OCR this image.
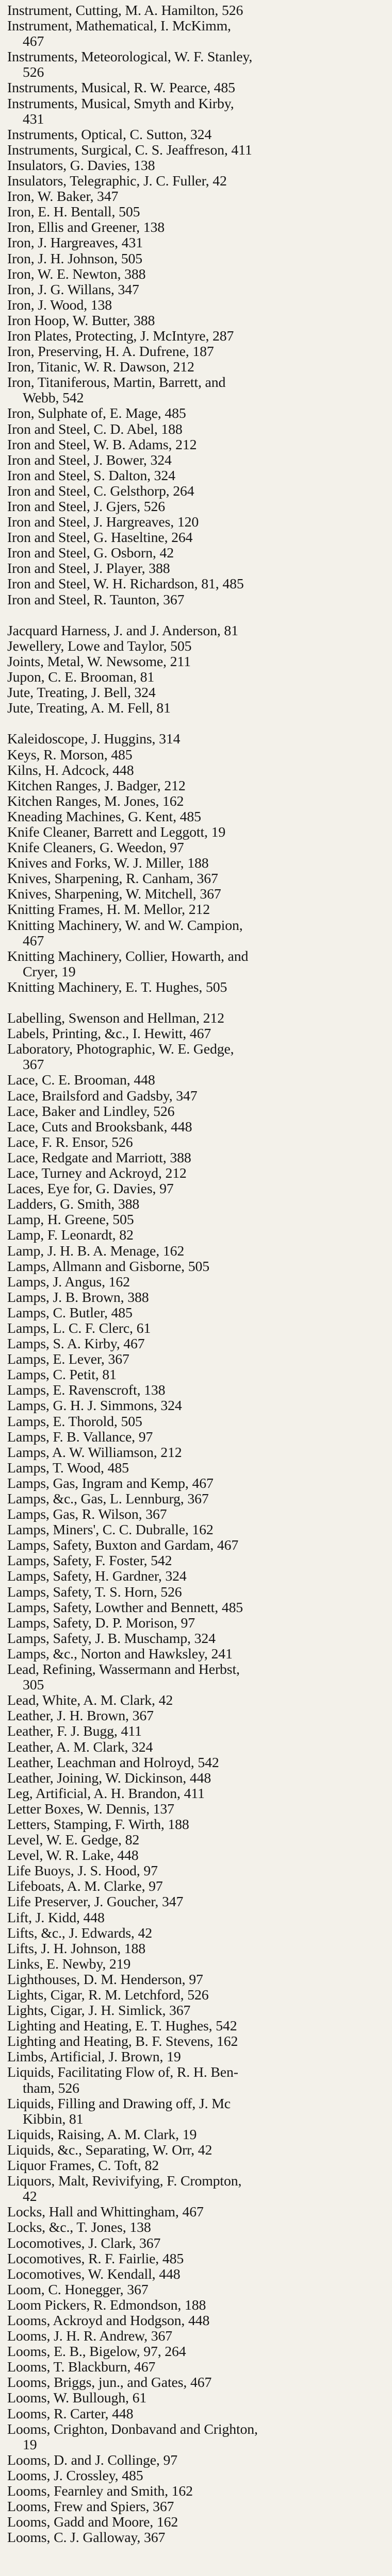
Instrument, Cutting, M. A. Hamilton, 526
Instrument, Mathematical, I. McKimm,
467
Instruments, Meteorological, W. F. Stanley,
526
Instruments, Musical, R. W. Pearce, 485
Instruments, Musical, Smyth and Kirby,
431
Instruments, Optical, C. Sutton, 324
Instruments, Surgical, C. S. Jeaffreson, 411
Insulators, G. Davies, 138
Insulators, Telegraphic, J. C. Fuller, 42
Iron, W. Baker, 347
Iron, E. H. Bentall, 505
Iron, Ellis and Greener, 138
Iron, J. Hargreaves, 431
Iron, J. H. Johnson, 505
Iron, W. E. Newton, 388
Iron, J. G. Willans, 347
Iron, J. Wood, 138
Iron Hoop, W. Butter, 388
Iron Plates, Protecting, J. McIntyre, 287
Iron, Preserving, H. A. Dufrene, 187
Iron, Titanic, W. R. Dawson, 212
Iron, Titaniferous, Martin, Barrett, and
Webb, 542
Iron, Sulphate of, E. Mage, 485
Iron and Steel, C. D. Abel, 188
Iron and Steel, W. B. Adams, 212
Iron and Steel, J. Bower, 324
Iron and Steel, S. Dalton, 324
Iron and Steel, C. Gelsthorp, 264
Iron and Steel, J. Gjers, 526
Iron and Steel, J. Hargreaves, 120
Iron and Steel, G. Haseltine, 264
Iron and Steel, G. Osborn, 42
Iron and Steel, J. Player, 388
Iron and Steel, W. H. Richardson, 81, 485
Iron and Steel, R. Taunton, 367
Jacquard Harness, J. and J. Anderson, 81
Jewellery, Lowe and Taylor, 505
Joints, Metal, W. Newsome, 211
Jupon, C. E. Brooman, 81
Jute, Treating, J. Bell, 324
Jute, Treating, A. M. Fell, 81
Kaleidoscope, J. Huggins, 314
Keys, R. Morson, 485
Kilns, H. Adcock, 448
Kitchen Ranges, J. Badger, 212
Kitchen Ranges, M. Jones, 162
Kneading Machines, G. Kent, 485
Knife Cleaner, Barrett and Leggott, 19
Knife Cleaners, G. Weedon, 97
Knives and Forks, W. J. Miller, 188
Knives, Sharpening, R. Canham, 367
Knives, Sharpening, W. Mitchell, 367
Knitting Frames, H. M. Mellor, 212
Knitting Machinery, W. and W. Campion,
467
Knitting Machinery, Collier, Howarth, and
Cryer, 19
Knitting Machinery, E. T. Hughes, 505
Labelling, Swenson and Hellman, 212
Labels, Printing, &c., I. Hewitt, 467
Laboratory, Photographic, W. E. Gedge,
367
Lace, C. E. Brooman, 448
Lace, Brailsford and Gadsby, 347
Lace, Baker and Lindley, 526
Lace, Cuts and Brooksbank, 448
Lace, F. R. Ensor, 526
Lace, Redgate and Marriott, 388
Lace, Turney and Ackroyd, 212
Laces, Eye for, G. Davies, 97
Ladders, G. Smith, 388
Lamp, H. Greene, 505
Lamp, F. Leonardt, 82
Lamp, J. H. B. A. Menage, 162
Lamps, Allmann and Gisborne, 505
Lamps, J. Angus, 162
Lamps, J. B. Brown, 388
Lamps, C. Butler, 485
Lamps, L. C. F. Clerc, 61
Lamps, S. A. Kirby, 467
Lamps, E. Lever, 367
Lamps, C. Petit, 81
Lamps, E. Ravenscroft, 138
Lamps, G. H. J. Simmons, 324
Lamps, E. Thorold, 505
Lamps, F. B. Vallance, 97
Lamps, A. W. Williamson, 212
Lamps, T. Wood, 485
Lamps, Gas, Ingram and Kemp, 467
Lamps, &c., Gas, L. Lennburg, 367
Lamps, Gas, R. Wilson, 367
Lamps, Miners', C. C. Dubralle, 162
Lamps, Safety, Buxton and Gardam, 467
Lamps, Safety, F. Foster, 542
Lamps, Safety, H. Gardner, 324
Lamps, Safety, T. S. Horn, 526
Lamps, Safety, Lowther and Bennett, 485
Lamps, Safety, D. P. Morison, 97
Lamps, Safety, J. B. Muschamp, 324
Lamps, &c., Norton and Hawksley, 241
Lead, Refining, Wassermann and Herbst,
305
Lead, White, A. M. Clark, 42
Leather, J. H. Brown, 367
Leather, F. J. Bugg, 411
Leather, A. M. Clark, 324
Leather, Leachman and Holroyd, 542
Leather, Joining, W. Dickinson, 448
Leg, Artificial, A. H. Brandon, 411
Letter Boxes, W. Dennis, 137
Letters, Stamping, F. Wirth, 188
Level, W. E. Gedge, 82
Level, W. R. Lake, 448
Life Buoys, J. S. Hood, 97
Lifeboats, A. M. Clarke, 97
Life Preserver, J. Goucher, 347
Lift, J. Kidd, 448
Lifts, &c., J. Edwards, 42
Lifts, J. H. Johnson, 188
Links, E. Newby, 219
Lighthouses, D. M. Henderson, 97
Lights, Cigar, R. M. Letchford, 526
Lights, Cigar, J. H. Simlick, 367
Lighting and Heating, E. T. Hughes, 542
Lighting and Heating, B. F. Stevens, 162
Limbs, Artificial, J. Brown, 19
Liquids, Facilitating Flow of, R. H. Ben-
tham, 526
Liquids, Filling and Drawing off, J. Mc
Kibbin, 81
Liquids, Raising, A. M. Clark, 19
Liquids, &c., Separating, W. Orr, 42
Liquor Frames, C. Toft, 82
Liquors, Malt, Revivifying, F. Crompton,
42
Locks, Hall and Whittingham, 467
Locks, &c., T. Jones, 138
Locomotives, J. Clark, 367
Locomotives, R. F. Fairlie, 485
Locomotives, W. Kendall, 448
Loom, C. Honegger, 367
Loom Pickers, R. Edmondson, 188
Looms, Ackroyd and Hodgson, 448
Looms, J. H. R. Andrew, 367
Looms, E. B., Bigelow, 97, 264
Looms, T. Blackburn, 467
Looms, Briggs, jun., and Gates, 467
Looms, W. Bullough, 61
Looms, R. Carter, 448
Looms, Crighton, Donbavand and Crighton,
19
Looms, D. and J. Collinge, 97
Looms, J. Crossley, 485
Looms, Fearnley and Smith, 162
Looms, Frew and Spiers, 367
Looms, Gadd and Moore, 162
Looms, C. J. Galloway, 367
